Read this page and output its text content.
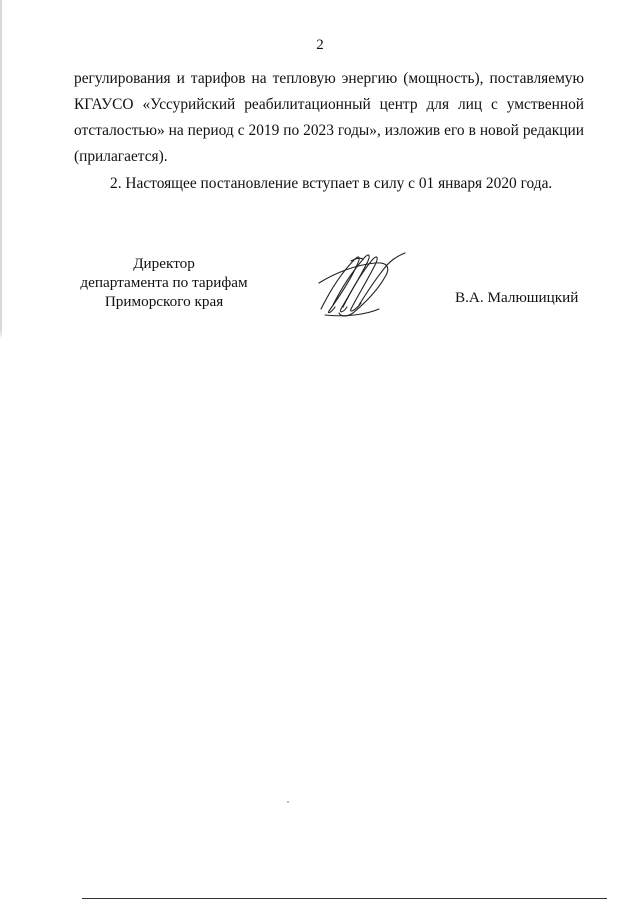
2

регулирования и тарифов на тепловую энергию (мощность), поставляемую
КГАУСО «Уссурийский реабилитационный центр для лиц с умственной
отсталостью» на период с 2019 по 2023 годы», изложив его в новой редакции
(прилагается).

2. Настоящее постановление вступает в силу с 01 января 2020 года.

Директор
департамента по тарифам
Приморского края	В.А. Малюшицкий
